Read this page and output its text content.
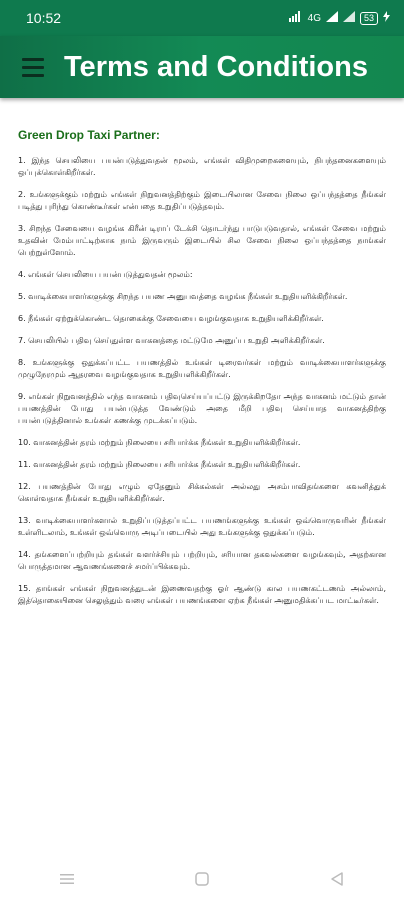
10:52	4G	53
Terms and Conditions

Green Drop Taxi Partner:

1. இந்த செயலியை பயன்படுத்துவதன் மூலம், எங்கள் விதிமுறைகளையும், நிபந்தனைகளையும் ஒப்புக்கொள்கிறீர்கள்.

2. உங்களுக்கும் மற்றும் எங்கள் நிறுவனத்திற்கும் இடையிலான சேவை நிலை ஒப்பந்தத்தை நீங்கள் படித்து புரிந்து கொண்டீர்கள் என்பதை உறுதிப்படுத்தவும்.

3. சிறந்த சேவையை வழங்க கிரீன் டிராப் டேக்சி தொடர்ந்து பாடுபடுவதால், எங்கள் சேவை மற்றும் உதவின் மேம்பாட்டிற்காக நாம் இருவரும் இடையில் சில சேவை நிலை ஒப்பந்தத்தை நாங்கள் பெற்றுள்ளோம்.

4. எங்கள் செயலியை பயன்படுத்துவதன் மூலம்:

5. வாடிக்கையாளர்களுக்கு சிறந்த பயண அனுபவத்தை வழங்க நீங்கள் உறுதியளிக்கிறீர்கள்.

6. நீங்கள் ஏற்றுக்கொண்ட தொகைக்கு சேவையை வழங்குவதாக உறுதியளிக்கிறீர்கள்.

7. செயலியில் பதிவு செய்துள்ள வாகனத்தை மட்டுமே அனுப்ப உறுதி அளிக்கிறீர்கள்.

8. உங்களுக்கு ஒதுக்கப்பட்ட பயணத்தில் உங்கள் டிரைவர்கள் மற்றும் வாடிக்கையாளர்களுக்கு முழுநேரமும் ஆதரவை வழங்குவதாக உறுதியளிக்கிறீர்கள்.

9. எங்கள் நிறுவனத்தில் எந்த வாகனம் பதிவுசெய்யப்பட்டு இருக்கிறதோ அந்த வாகனம் மட்டும் தான் பயணத்தின் போது பயன்படுத்த வேண்டும் அதை மீறி பதிவு செய்யாத வாகனத்திற்கு பயன்படுத்தினால் உங்கள் கணக்கு முடக்கப்படும்.

10. வாகனத்தின் தரம் மற்றும் நிலையை சரிபார்க்க நீங்கள் உறுதியளிக்கிறீர்கள்.

11. வாகனத்தின் தரம் மற்றும் நிலையை சரிபார்க்க நீங்கள் உறுதியளிக்கிறீர்கள்.

12. பயணத்தின் போது எழும் ஏதேனும் சிக்கல்கள் அல்லது அசம்பாவிதங்களை கவனித்துக் கொள்வதாக நீங்கள் உறுதியளிக்கிறீர்கள்.

13. வாடிக்கையாளர்களால் உறுதிப்படுத்தப்பட்ட பயணங்களுக்கு உங்கள் ஒவ்வொருவரின் நீங்கள் உள்ளிடலாம், உங்கள் ஒவ்வொரு அடிப்படையில் அது உங்களுக்கு ஒதுக்கப்படும்.

14. தங்களைப்பற்றியும் தங்கள் வளர்ச்சியும் பற்றியும், சரியான தகவல்களை வழங்கவும், அதற்கான பொருத்தமான ஆவணங்களைச் சமர்ப்பிக்கவும்.

15. தாங்கள் எங்கள் நிறுவனத்துடன் இணைவதற்கு ஓர் ஆண்டு கால பயணகட்டணம் அல்லாம், இத்தொகையினை செலுத்தும் வரை எங்கள் பயணங்களை ஏற்க நீங்கள் அனுமதிக்கப்பட மாட்டீர்கள்.
